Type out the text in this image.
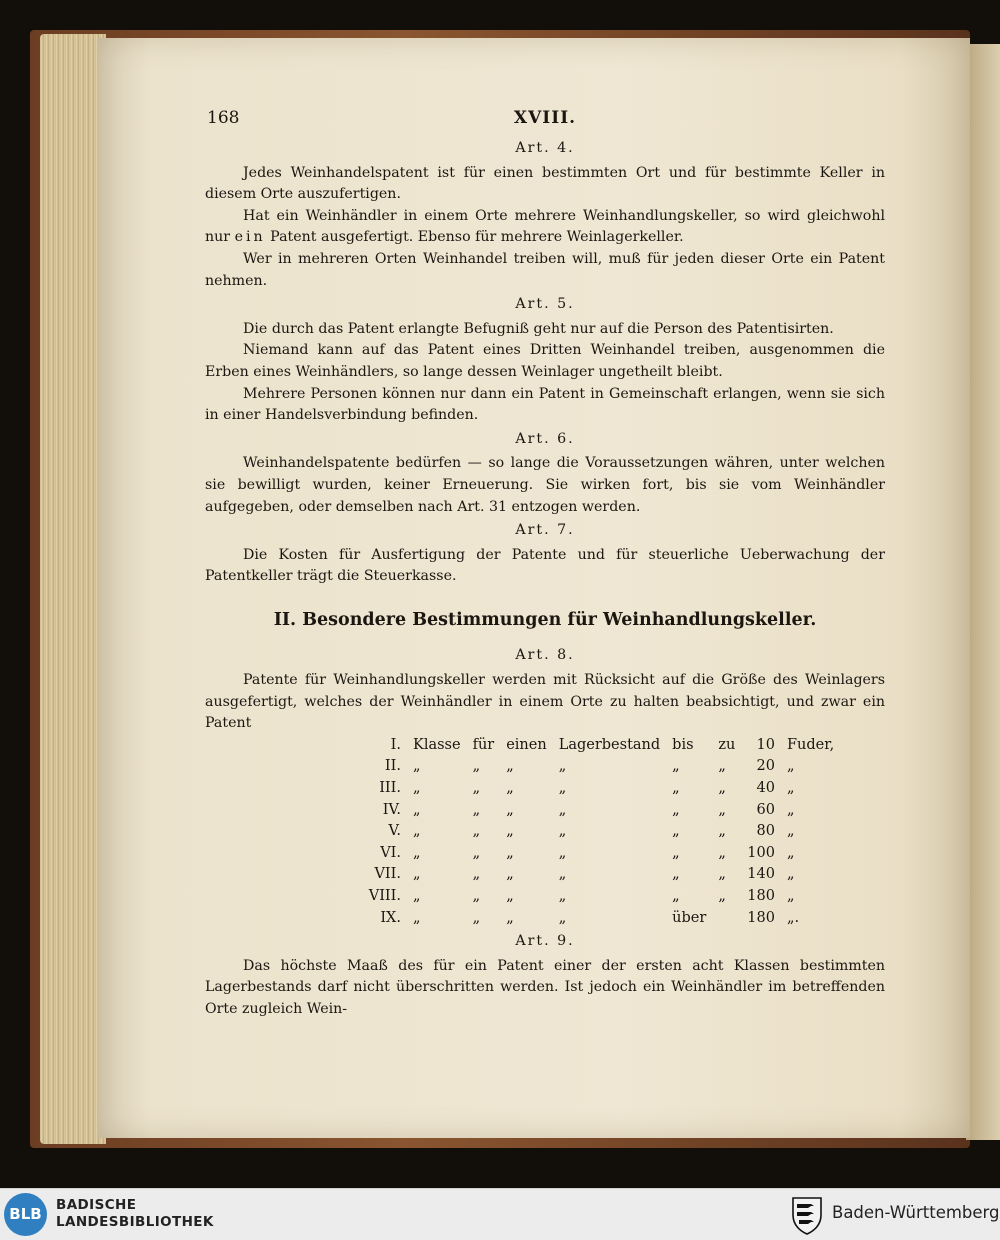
168	XVIII.
Art. 4.

Jedes Weinhandelspatent ist für einen bestimmten Ort und für bestimmte Keller in diesem Orte auszufertigen.

Hat ein Weinhändler in einem Orte mehrere Weinhandlungskeller, so wird gleichwohl nur ein Patent ausgefertigt. Ebenso für mehrere Weinlagerkeller.

Wer in mehreren Orten Weinhandel treiben will, muß für jeden dieser Orte ein Patent nehmen.

Art. 5.

Die durch das Patent erlangte Befugniß geht nur auf die Person des Patentisirten.

Niemand kann auf das Patent eines Dritten Weinhandel treiben, ausgenommen die Erben eines Weinhändlers, so lange dessen Weinlager ungetheilt bleibt.

Mehrere Personen können nur dann ein Patent in Gemeinschaft erlangen, wenn sie sich in einer Handelsverbindung befinden.

Art. 6.

Weinhandelspatente bedürfen — so lange die Voraussetzungen währen, unter welchen sie bewilligt wurden, keiner Erneuerung. Sie wirken fort, bis sie vom Weinhändler aufgegeben, oder demselben nach Art. 31 entzogen werden.

Art. 7.

Die Kosten für Ausfertigung der Patente und für steuerliche Ueberwachung der Patentkeller trägt die Steuerkasse.

II. Besondere Bestimmungen für Weinhandlungskeller.
Art. 8.

Patente für Weinhandlungskeller werden mit Rücksicht auf die Größe des Weinlagers ausgefertigt, welches der Weinhändler in einem Orte zu halten beabsichtigt, und zwar ein Patent

I.	Klasse	für	einen	Lagerbestand	bis	zu	10	Fuder,
II.	„	„	„	„	„	„	20	„
III.	„	„	„	„	„	„	40	„
IV.	„	„	„	„	„	„	60	„
V.	„	„	„	„	„	„	80	„
VI.	„	„	„	„	„	„	100	„
VII.	„	„	„	„	„	„	140	„
VIII.	„	„	„	„	„	„	180	„
IX.	„	„	„	„	über		180	„.
Art. 9.

Das höchste Maaß des für ein Patent einer der ersten acht Klassen bestimmten Lagerbestands darf nicht überschritten werden. Ist jedoch ein Weinhändler im betreffenden Orte zugleich Wein-

BLB	BADISCHE
LANDESBIBLIOTHEK	Baden-Württemberg
